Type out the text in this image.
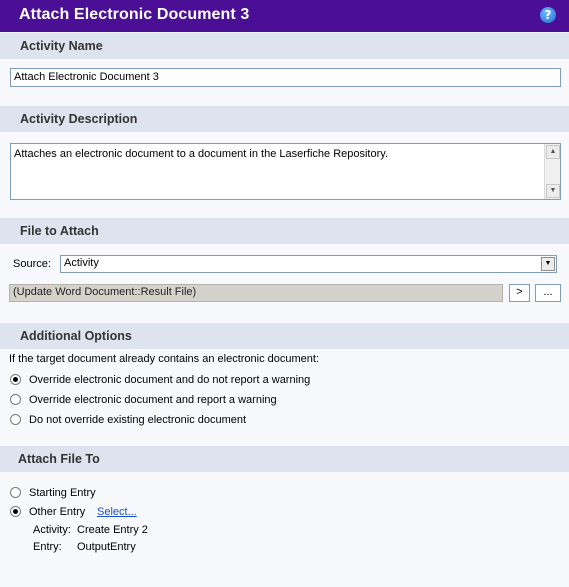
Attach Electronic Document 3	?
Activity Name
Attach Electronic Document 3
Activity Description
Attaches an electronic document to a document in the Laserfiche Repository.	▲
▼
File to Attach
Source:	Activity	▼
(Update Word Document::Result File)	>	...
Additional Options
If the target document already contains an electronic document:
Override electronic document and do not report a warning
Override electronic document and report a warning
Do not override existing electronic document
Attach File To
Starting Entry
Other Entry Select...
Activity: Create Entry 2
Entry: OutputEntry
